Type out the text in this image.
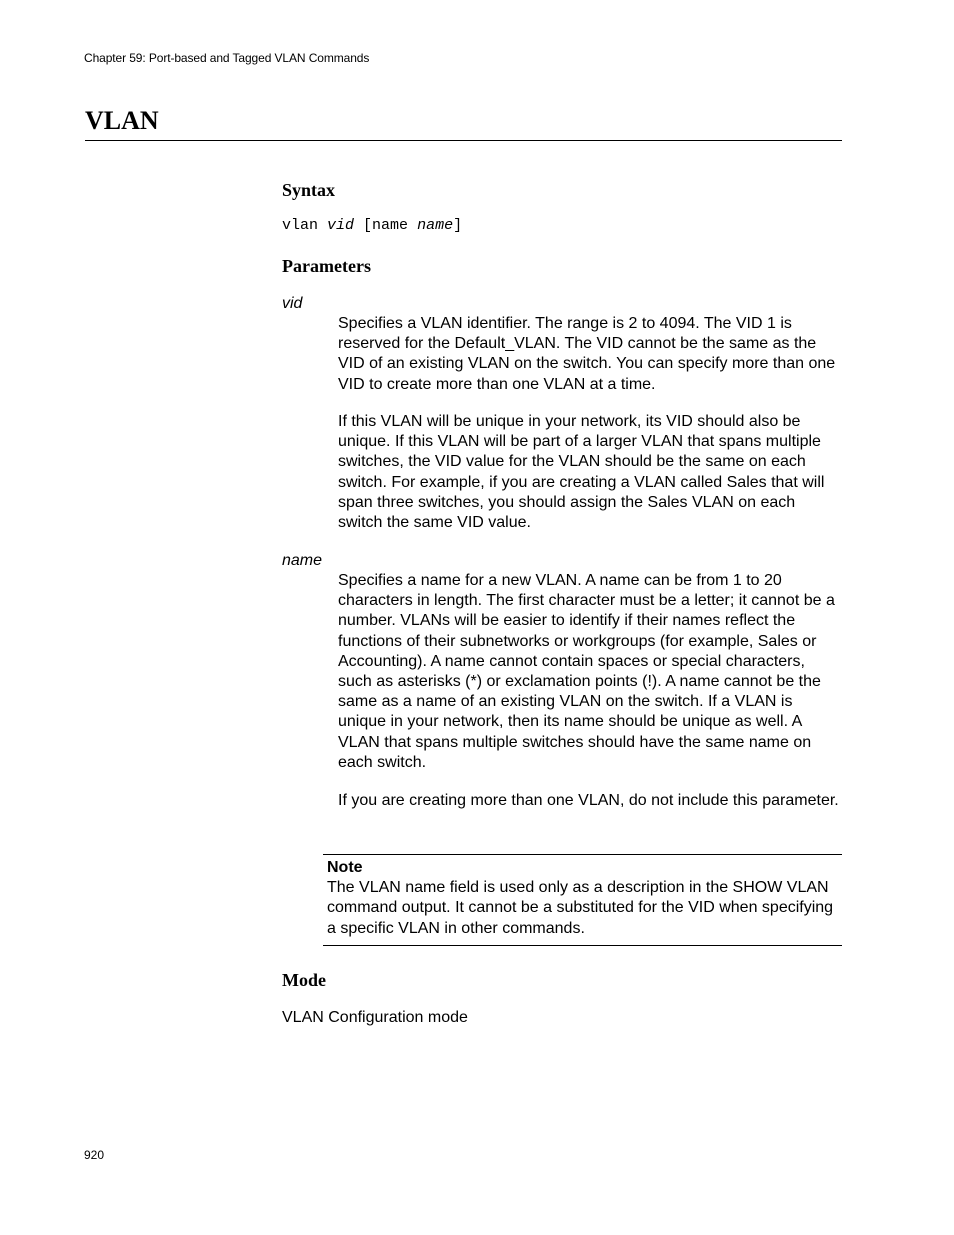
Chapter 59: Port-based and Tagged VLAN Commands
VLAN
Syntax
vlan vid [name name]
Parameters
vid

Specifies a VLAN identifier. The range is 2 to 4094. The VID 1 is reserved for the Default_VLAN. The VID cannot be the same as the VID of an existing VLAN on the switch. You can specify more than one VID to create more than one VLAN at a time.

If this VLAN will be unique in your network, its VID should also be unique. If this VLAN will be part of a larger VLAN that spans multiple switches, the VID value for the VLAN should be the same on each switch. For example, if you are creating a VLAN called Sales that will span three switches, you should assign the Sales VLAN on each switch the same VID value.

name

Specifies a name for a new VLAN. A name can be from 1 to 20 characters in length. The first character must be a letter; it cannot be a number. VLANs will be easier to identify if their names reflect the functions of their subnetworks or workgroups (for example, Sales or Accounting). A name cannot contain spaces or special characters, such as asterisks (*) or exclamation points (!). A name cannot be the same as a name of an existing VLAN on the switch. If a VLAN is unique in your network, then its name should be unique as well. A VLAN that spans multiple switches should have the same name on each switch.

If you are creating more than one VLAN, do not include this parameter.

Note

The VLAN name field is used only as a description in the SHOW VLAN command output. It cannot be a substituted for the VID when specifying a specific VLAN in other commands.

Mode
VLAN Configuration mode
920
